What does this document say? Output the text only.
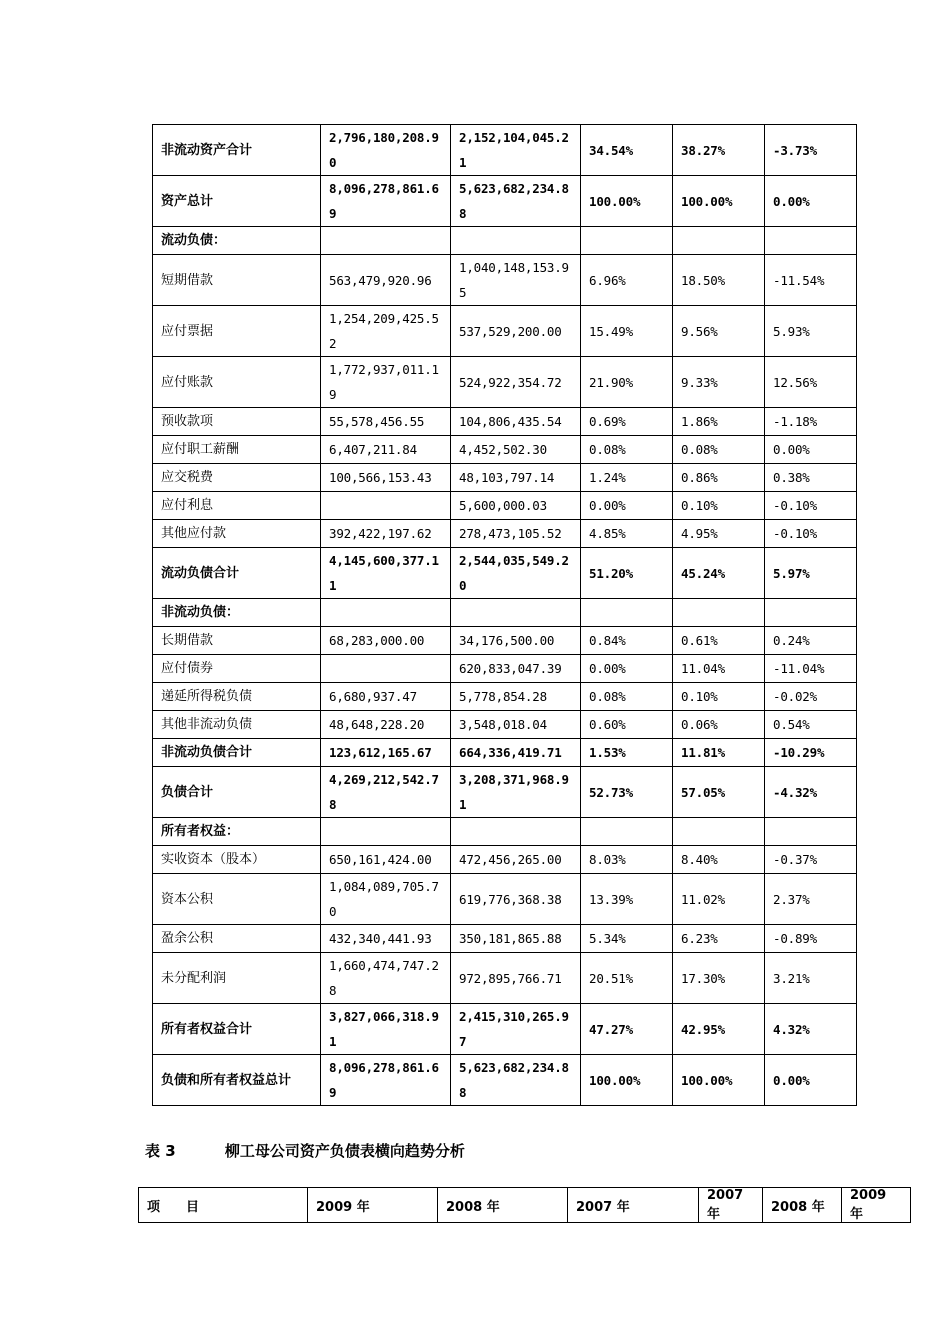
非流动资产合计	2,796,180,208.90	2,152,104,045.21	34.54%	38.27%	-3.73%
资产总计	8,096,278,861.69	5,623,682,234.88	100.00%	100.00%	0.00%
流动负债：					
短期借款	563,479,920.96	1,040,148,153.95	6.96%	18.50%	-11.54%
应付票据	1,254,209,425.52	537,529,200.00	15.49%	9.56%	5.93%
应付账款	1,772,937,011.19	524,922,354.72	21.90%	9.33%	12.56%
预收款项	55,578,456.55	104,806,435.54	0.69%	1.86%	-1.18%
应付职工薪酬	6,407,211.84	4,452,502.30	0.08%	0.08%	0.00%
应交税费	100,566,153.43	48,103,797.14	1.24%	0.86%	0.38%
应付利息		5,600,000.03	0.00%	0.10%	-0.10%
其他应付款	392,422,197.62	278,473,105.52	4.85%	4.95%	-0.10%
流动负债合计	4,145,600,377.11	2,544,035,549.20	51.20%	45.24%	5.97%
非流动负债：					
长期借款	68,283,000.00	34,176,500.00	0.84%	0.61%	0.24%
应付债券		620,833,047.39	0.00%	11.04%	-11.04%
递延所得税负债	6,680,937.47	5,778,854.28	0.08%	0.10%	-0.02%
其他非流动负债	48,648,228.20	3,548,018.04	0.60%	0.06%	0.54%
非流动负债合计	123,612,165.67	664,336,419.71	1.53%	11.81%	-10.29%
负债合计	4,269,212,542.78	3,208,371,968.91	52.73%	57.05%	-4.32%
所有者权益：					
实收资本（股本）	650,161,424.00	472,456,265.00	8.03%	8.40%	-0.37%
资本公积	1,084,089,705.70	619,776,368.38	13.39%	11.02%	2.37%
盈余公积	432,340,441.93	350,181,865.88	5.34%	6.23%	-0.89%
未分配利润	1,660,474,747.28	972,895,766.71	20.51%	17.30%	3.21%
所有者权益合计	3,827,066,318.91	2,415,310,265.97	47.27%	42.95%	4.32%
负债和所有者权益总计	8,096,278,861.69	5,623,682,234.88	100.00%	100.00%	0.00%
表 3	柳工母公司资产负债表横向趋势分析
项　　目	2009 年	2008 年	2007 年	2007 年	2008 年	2009 年
